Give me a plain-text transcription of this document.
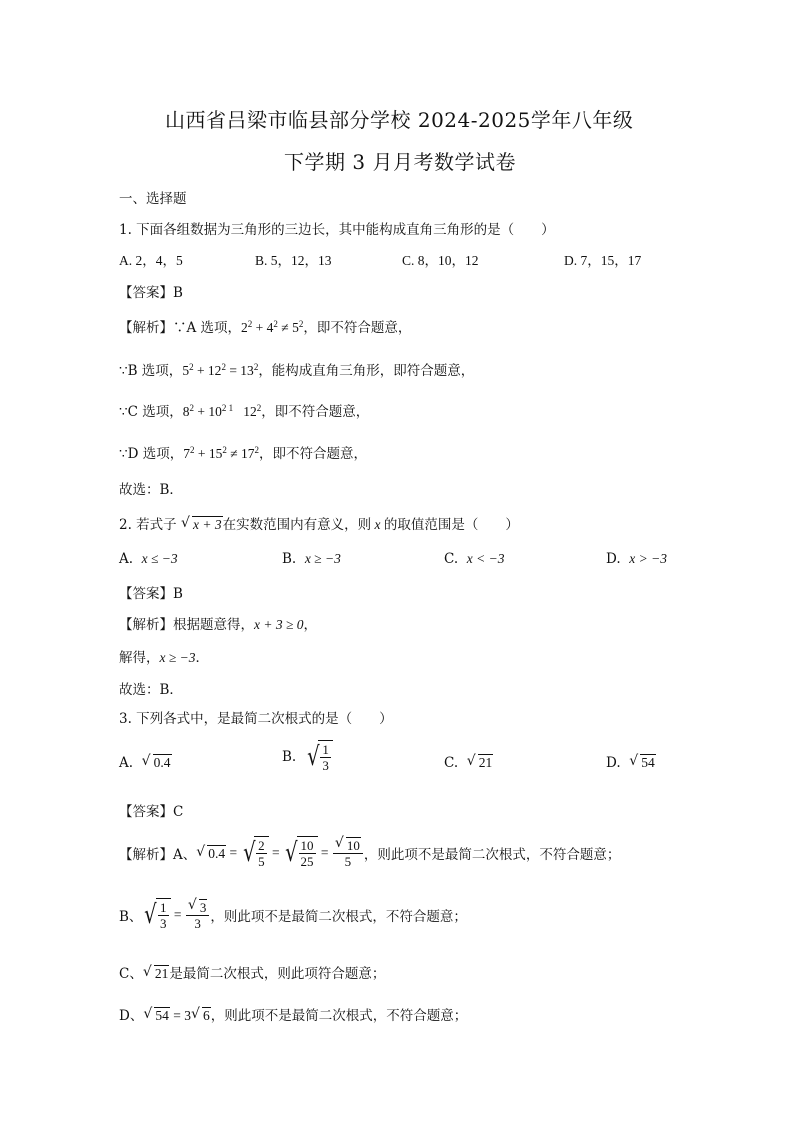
山西省吕梁市临县部分学校 2024-2025学年八年级
下学期 3 月月考数学试卷
一、选择题
1. 下面各组数据为三角形的三边长，其中能构成直角三角形的是（　　）
A. 2，4，5	B. 5，12，13	C. 8，10，12	D. 7，15，17
【答案】B
【解析】∵A 选项，$2^2 + 4^2 \ne 5^2$，即不符合题意，
∵B 选项，$5^2 + 12^2 = 13^2$，能构成直角三角形，即符合题意，
∵C 选项，$8^2 + 10^{2 1}$   $12^2$，即不符合题意，
∵D 选项，$7^2 + 15^2 \ne 17^2$，即不符合题意，
故选：B．
2. 若式子 √ x + 3在实数范围内有意义，则 x 的取值范围是（　　）
A. x ≤ −3	B. x ≥ −3	C. x < −3	D. x > −3
【答案】B
【解析】根据题意得，x + 3 ≥ 0，
解得，x ≥ −3．
故选：B．
3. 下列各式中，是最简二次根式的是（　　）
A. √ 0.4	B. √ $\frac{1}{3}$	C. √ 21	D. √ 54
【答案】C
【解析】 A、 √ 0.4 = √ $\frac{2}{5}$ = √ $\frac{10}{25}$ = √ $\frac{10}{5}$ ，则此项不是最简二次根式，不符合题意；
B、 √ $\frac{1}{3}$ = √ $\frac{3}{3}$ ，则此项不是最简二次根式，不符合题意；
C、 √ 21是最简二次根式，则此项符合题意；
D、 √ 54 = 3 √ 6，则此项不是最简二次根式，不符合题意；
